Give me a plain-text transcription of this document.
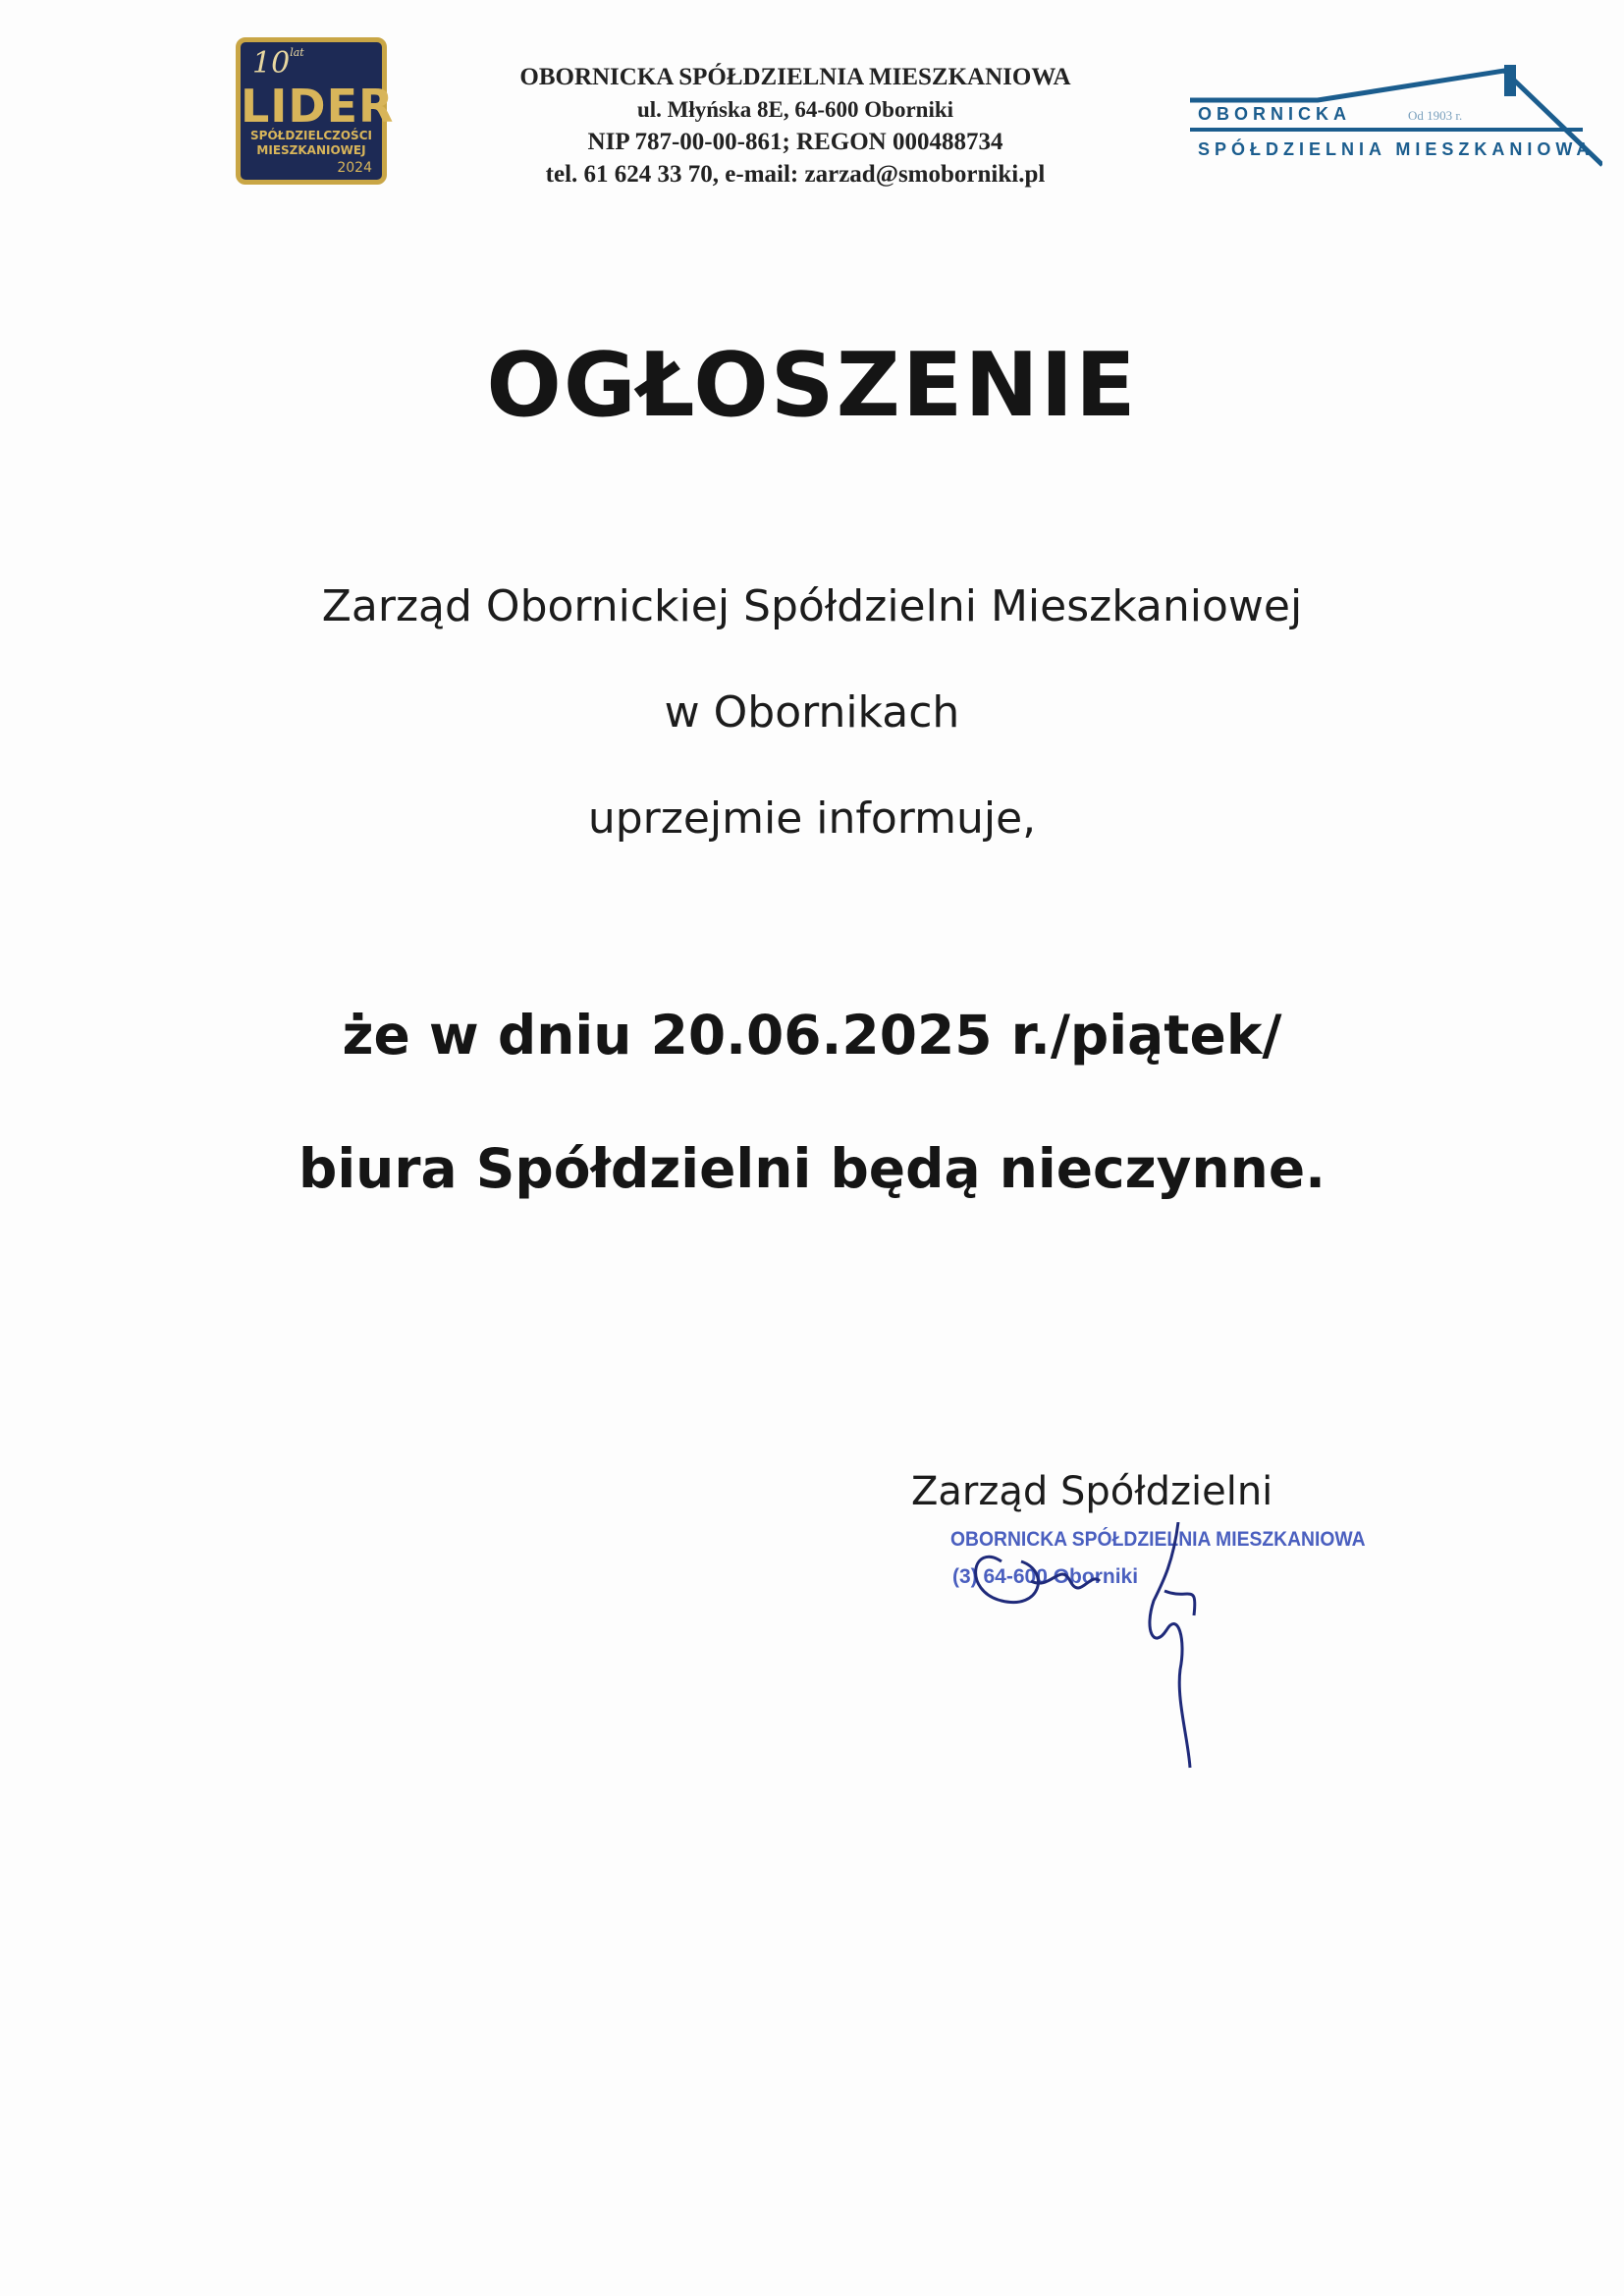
$10^{lat}$
LIDER
SPÓŁDZIELCZOŚCI
MIESZKANIOWEJ
2024
OBORNICKA SPÓŁDZIELNIA MIESZKANIOWA
ul. Młyńska 8E, 64-600 Oborniki
NIP 787-00-00-861; REGON 000488734
tel. 61 624 33 70, e-mail: zarzad@smoborniki.pl
OBORNICKA	Od 1903 r.
SPÓŁDZIELNIA MIESZKANIOWA
OGŁOSZENIE
Zarząd Obornickiej Spółdzielni Mieszkaniowej
w Obornikach
uprzejmie informuje,
że w dniu 20.06.2025 r./piątek/
biura Spółdzielni będą nieczynne.
Zarząd Spółdzielni
OBORNICKA SPÓŁDZIELNIA MIESZKANIOWA
(3) 64-600 Oborniki
